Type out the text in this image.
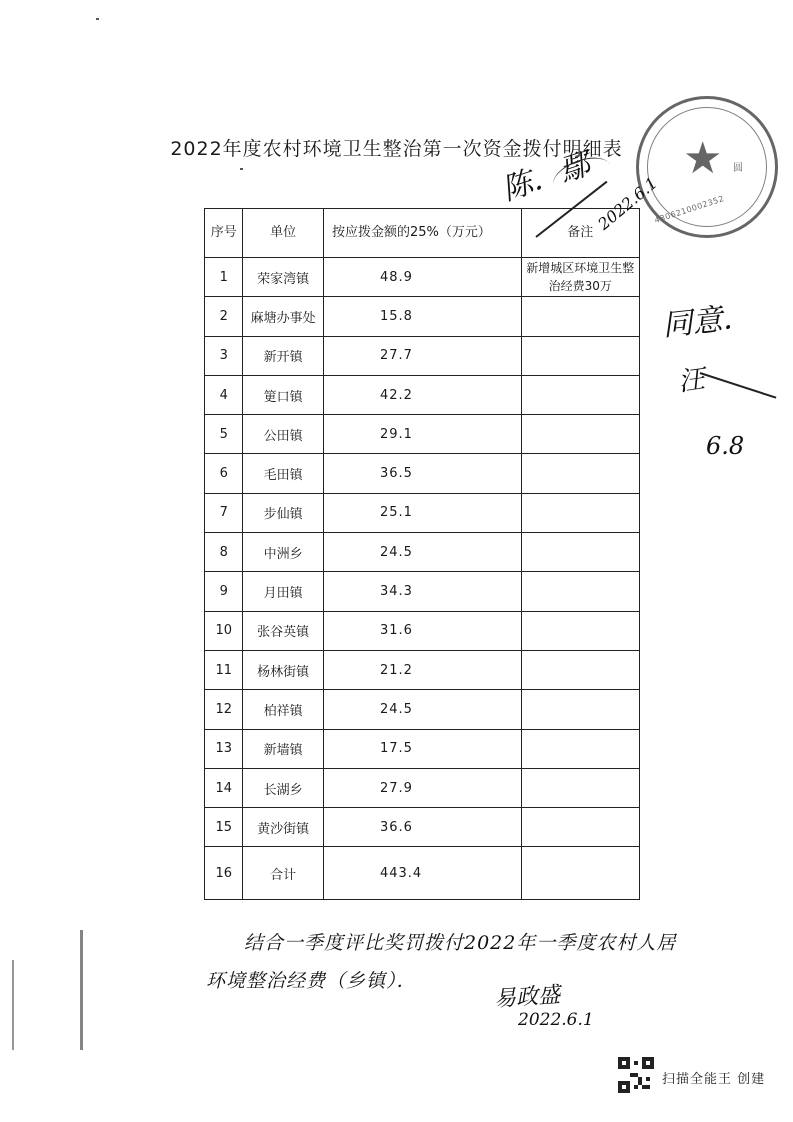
2022年度农村环境卫生整治第一次资金拨付明细表	★ 圆
4306210002352
序号	单位	按应拨金额的25%（万元）	备注
1	荣家湾镇	48.9	新增城区环境卫生整治经费30万

2	麻塘办事处	15.8	
3	新开镇	27.7	
4	筻口镇	42.2	
5	公田镇	29.1	
6	毛田镇	36.5	
7	步仙镇	25.1	
8	中洲乡	24.5	
9	月田镇	34.3	
10	张谷英镇	31.6	
11	杨林街镇	21.2	
12	柏祥镇	24.5	
13	新墙镇	17.5	
14	长湖乡	27.9	
15	黄沙街镇	36.6	
16	合计	443.4	
陈．鄢 2022.6.1
同意．
汪
6.8
结合一季度评比奖罚拨付2022年一季度农村人居
环境整治经费（乡镇）．
易政盛
2022.6.1
扫描全能王 创建
